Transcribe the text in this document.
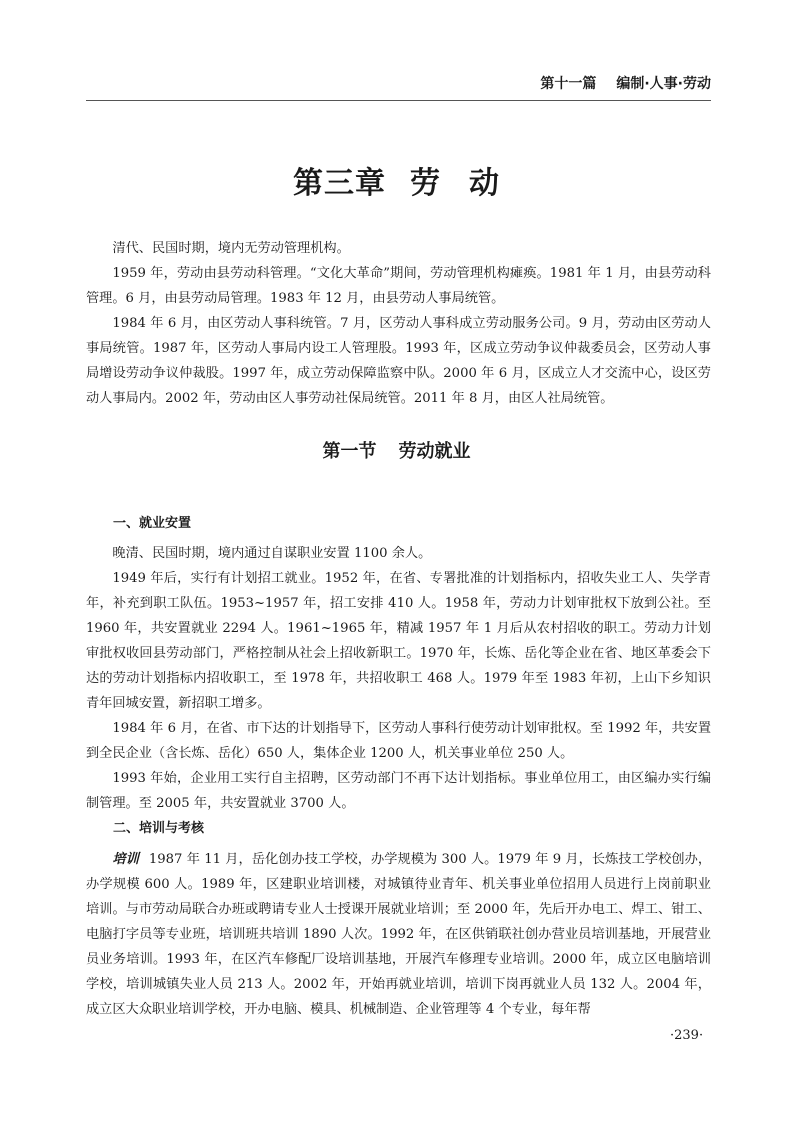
第十一篇 编制·人事·劳动
第三章 劳 动

清代、民国时期，境内无劳动管理机构。

1959 年，劳动由县劳动科管理。“文化大革命”期间，劳动管理机构瘫痪。1981 年 1 月，由县劳动科管理。6 月，由县劳动局管理。1983 年 12 月，由县劳动人事局统管。

1984 年 6 月，由区劳动人事科统管。7 月，区劳动人事科成立劳动服务公司。9 月，劳动由区劳动人事局统管。1987 年，区劳动人事局内设工人管理股。1993 年，区成立劳动争议仲裁委员会，区劳动人事局增设劳动争议仲裁股。1997 年，成立劳动保障监察中队。2000 年 6 月，区成立人才交流中心，设区劳动人事局内。2002 年，劳动由区人事劳动社保局统管。2011 年 8 月，由区人社局统管。

第一节 劳动就业
一、就业安置

晚清、民国时期，境内通过自谋职业安置 1100 余人。

1949 年后，实行有计划招工就业。1952 年，在省、专署批准的计划指标内，招收失业工人、失学青年，补充到职工队伍。1953~1957 年，招工安排 410 人。1958 年，劳动力计划审批权下放到公社。至 1960 年，共安置就业 2294 人。1961~1965 年，精减 1957 年 1 月后从农村招收的职工。劳动力计划审批权收回县劳动部门，严格控制从社会上招收新职工。1970 年，长炼、岳化等企业在省、地区革委会下达的劳动计划指标内招收职工，至 1978 年，共招收职工 468 人。1979 年至 1983 年初，上山下乡知识青年回城安置，新招职工增多。

1984 年 6 月，在省、市下达的计划指导下，区劳动人事科行使劳动计划审批权。至 1992 年，共安置到全民企业（含长炼、岳化）650 人，集体企业 1200 人，机关事业单位 250 人。

1993 年始，企业用工实行自主招聘，区劳动部门不再下达计划指标。事业单位用工，由区编办实行编制管理。至 2005 年，共安置就业 3700 人。

二、培训与考核

培训 1987 年 11 月，岳化创办技工学校，办学规模为 300 人。1979 年 9 月，长炼技工学校创办，办学规模 600 人。1989 年，区建职业培训楼，对城镇待业青年、机关事业单位招用人员进行上岗前职业培训。与市劳动局联合办班或聘请专业人士授课开展就业培训；至 2000 年，先后开办电工、焊工、钳工、电脑打字员等专业班，培训班共培训 1890 人次。1992 年，在区供销联社创办营业员培训基地，开展营业员业务培训。1993 年，在区汽车修配厂设培训基地，开展汽车修理专业培训。2000 年，成立区电脑培训学校，培训城镇失业人员 213 人。2002 年，开始再就业培训，培训下岗再就业人员 132 人。2004 年，成立区大众职业培训学校，开办电脑、模具、机械制造、企业管理等 4 个专业，每年帮

·239·
